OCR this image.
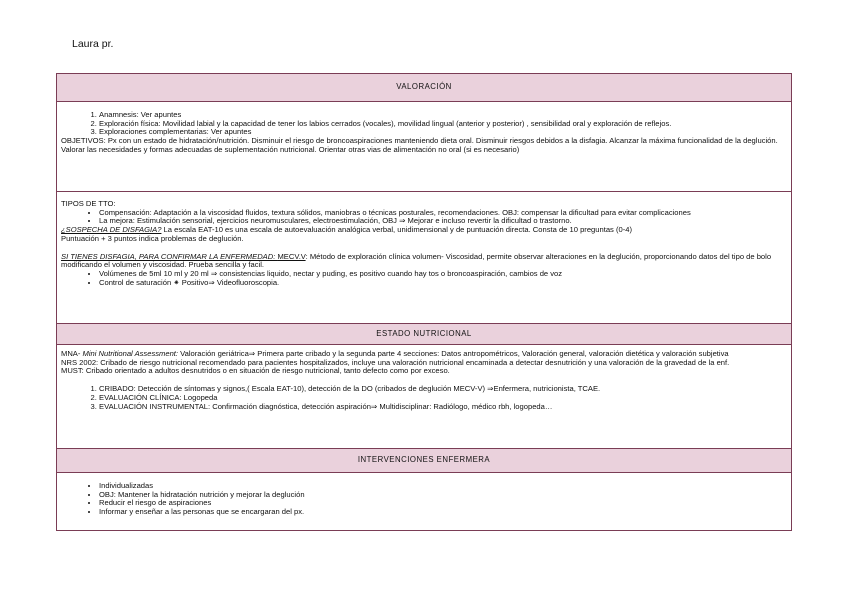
Laura pr.
VALORACIÓN

1. Anamnesis: Ver apuntes
2. Exploración física: Movilidad labial y la capacidad de tener los labios cerrados (vocales), movilidad lingual (anterior y posterior) , sensibilidad oral y exploración de reflejos.
3. Exploraciones complementarias: Ver apuntes

OBJETIVOS: Px con un estado de hidratación/nutrición. Disminuir el riesgo de broncoaspiraciones manteniendo dieta oral. Disminuir riesgos debidos a la disfagia. Alcanzar la máxima funcionalidad de la deglución.

Valorar las necesidades y formas adecuadas de suplementación nutricional. Orientar otras vias de alimentación no oral (si es necesario)

TIPOS DE TTO:

• Compensación: Adaptación a la viscosidad fluidos, textura sólidos, maniobras o técnicas posturales, recomendaciones. OBJ: compensar la dificultad para evitar complicaciones
• La mejora: Estimulación sensorial, ejercicios neuromusculares, electroestimulación, OBJ ⇒ Mejorar e incluso revertir la dificultad o trastorno.

¿SOSPECHA DE DISFAGIA? La escala EAT-10 es una escala de autoevaluación analógica verbal, unidimensional y de puntuación directa. Consta de 10 preguntas (0-4)

Puntuación + 3 puntos indica problemas de deglución.

SI TIENES DISFAGIA, PARA CONFIRMAR LA ENFERMEDAD: MECV.V: Método de exploración clínica volumen- Viscosidad, permite observar alteraciones en la deglución, proporcionando datos del tipo de bolo modificando el volumen y viscosidad. Prueba sencilla y facil.

• Volúmenes de 5ml 10 ml y 20 ml ⇒ consistencias liquido, nectar y puding, es positivo cuando hay tos o broncoaspiración, cambios de voz
• Control de saturación ⁕ Positivo⇒ Videofluoroscopia.

ESTADO NUTRICIONAL

MNA- Mini Nutritional Assessment: Valoración geriátrica⇒ Primera parte cribado y la segunda parte 4 secciones: Datos antropométricos, Valoración general, valoración dietética y valoración subjetiva

NRS 2002: Cribado de riesgo nutricional recomendado para pacientes hospitalizados, incluye una valoración nutricional encaminada a detectar desnutrición y una valoración de la gravedad de la enf.

MUST: Cribado orientado a adultos desnutridos o en situación de riesgo nutricional, tanto defecto como por exceso.

1. CRIBADO: Detección de síntomas y signos,( Escala EAT-10), detección de la DO (cribados de deglución MECV-V) ⇒Enfermera, nutricionista, TCAE.
2. EVALUACIÓN CLÍNICA: Logopeda
3. EVALUACIÓN INSTRUMENTAL: Confirmación diagnóstica, detección aspiración⇒ Multidisciplinar: Radiólogo, médico rbh, logopeda…

INTERVENCIONES ENFERMERA

• Individualizadas
• OBJ: Mantener la hidratación nutrición y mejorar la deglución
• Reducir el riesgo de aspiraciones
• Informar y enseñar a las personas que se encargaran del px.
